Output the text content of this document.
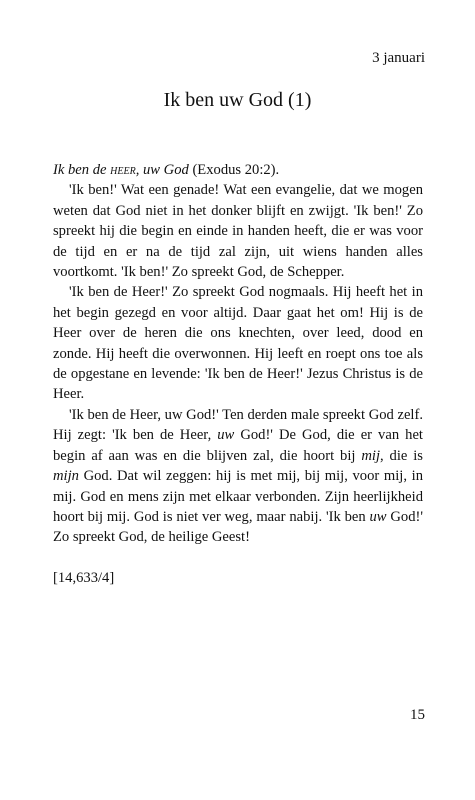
3 januari
Ik ben uw God (1)

Ik ben de heer, uw God (Exodus 20:2).

'Ik ben!' Wat een genade! Wat een evangelie, dat we mogen weten dat God niet in het donker blijft en zwijgt. 'Ik ben!' Zo spreekt hij die begin en einde in handen heeft, die er was voor de tijd en er na de tijd zal zijn, uit wiens handen alles voortkomt. 'Ik ben!' Zo spreekt God, de Schepper.

'Ik ben de Heer!' Zo spreekt God nogmaals. Hij heeft het in het begin gezegd en voor altijd. Daar gaat het om! Hij is de Heer over de heren die ons knechten, over leed, dood en zonde. Hij heeft die overwonnen. Hij leeft en roept ons toe als de opgestane en levende: 'Ik ben de Heer!' Jezus Christus is de Heer.

'Ik ben de Heer, uw God!' Ten derden male spreekt God zelf. Hij zegt: 'Ik ben de Heer, uw God!' De God, die er van het begin af aan was en die blijven zal, die hoort bij mij, die is mijn God. Dat wil zeggen: hij is met mij, bij mij, voor mij, in mij. God en mens zijn met elkaar verbonden. Zijn heerlijkheid hoort bij mij. God is niet ver weg, maar nabij. 'Ik ben uw God!' Zo spreekt God, de heilige Geest!

[14,633/4]

15
